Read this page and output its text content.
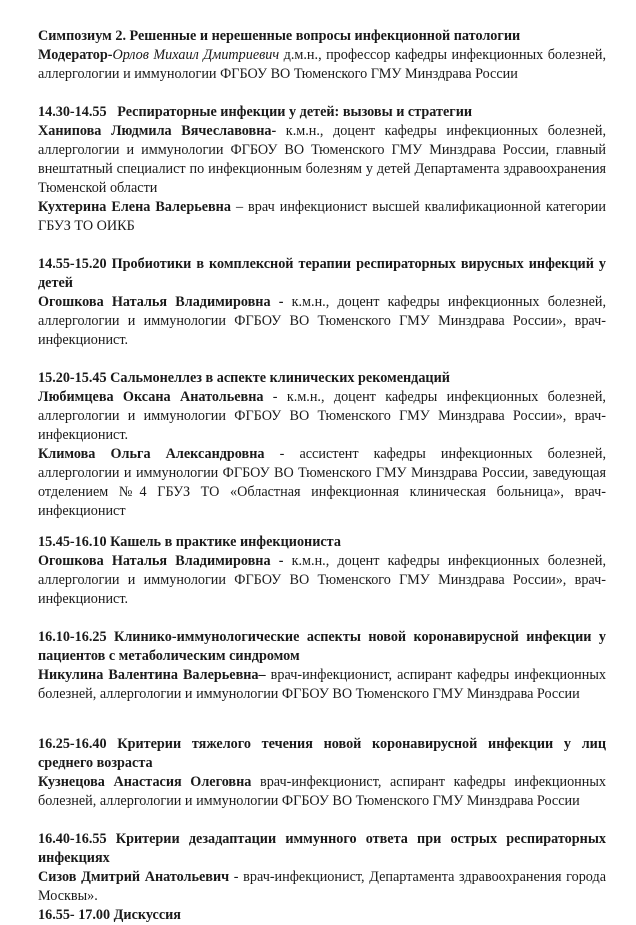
Симпозиум 2. Решенные и нерешенные вопросы инфекционной патологии

Модератор-Орлов Михаил Дмитриевич д.м.н., профессор кафедры инфекционных болезней, аллергологии и иммунологии ФГБОУ ВО Тюменского ГМУ Минздрава России

14.30-14.55 Респираторные инфекции у детей: вызовы и стратегии

Ханипова Людмила Вячеславовна- к.м.н., доцент кафедры инфекционных болезней, аллергологии и иммунологии ФГБОУ ВО Тюменского ГМУ Минздрава России, главный внештатный специалист по инфекционным болезням у детей Департамента здравоохранения Тюменской области

Кухтерина Елена Валерьевна – врач инфекционист высшей квалификационной категории ГБУЗ ТО ОИКБ

14.55-15.20 Пробиотики в комплексной терапии респираторных вирусных инфекций у детей

Огошкова Наталья Владимировна - к.м.н., доцент кафедры инфекционных болезней, аллергологии и иммунологии ФГБОУ ВО Тюменского ГМУ Минздрава России», врач-инфекционист.

15.20-15.45 Сальмонеллез в аспекте клинических рекомендаций

Любимцева Оксана Анатольевна - к.м.н., доцент кафедры инфекционных болезней, аллергологии и иммунологии ФГБОУ ВО Тюменского ГМУ Минздрава России», врач-инфекционист.

Климова Ольга Александровна - ассистент кафедры инфекционных болезней, аллергологии и иммунологии ФГБОУ ВО Тюменского ГМУ Минздрава России, заведующая отделением №4 ГБУЗ ТО «Областная инфекционная клиническая больница», врач-инфекционист

15.45-16.10 Кашель в практике инфекциониста

Огошкова Наталья Владимировна - к.м.н., доцент кафедры инфекционных болезней, аллергологии и иммунологии ФГБОУ ВО Тюменского ГМУ Минздрава России», врач-инфекционист.

16.10-16.25 Клинико-иммунологические аспекты новой коронавирусной инфекции у пациентов с метаболическим синдромом

Никулина Валентина Валерьевна– врач-инфекционист, аспирант кафедры инфекционных болезней, аллергологии и иммунологии ФГБОУ ВО Тюменского ГМУ Минздрава России

16.25-16.40 Критерии тяжелого течения новой коронавирусной инфекции у лиц среднего возраста

Кузнецова Анастасия Олеговна врач-инфекционист, аспирант кафедры инфекционных болезней, аллергологии и иммунологии ФГБОУ ВО Тюменского ГМУ Минздрава России

16.40-16.55 Критерии дезадаптации иммунного ответа при острых респираторных инфекциях

Сизов Дмитрий Анатольевич - врач-инфекционист, Департамента здравоохранения города Москвы».

16.55- 17.00 Дискуссия
